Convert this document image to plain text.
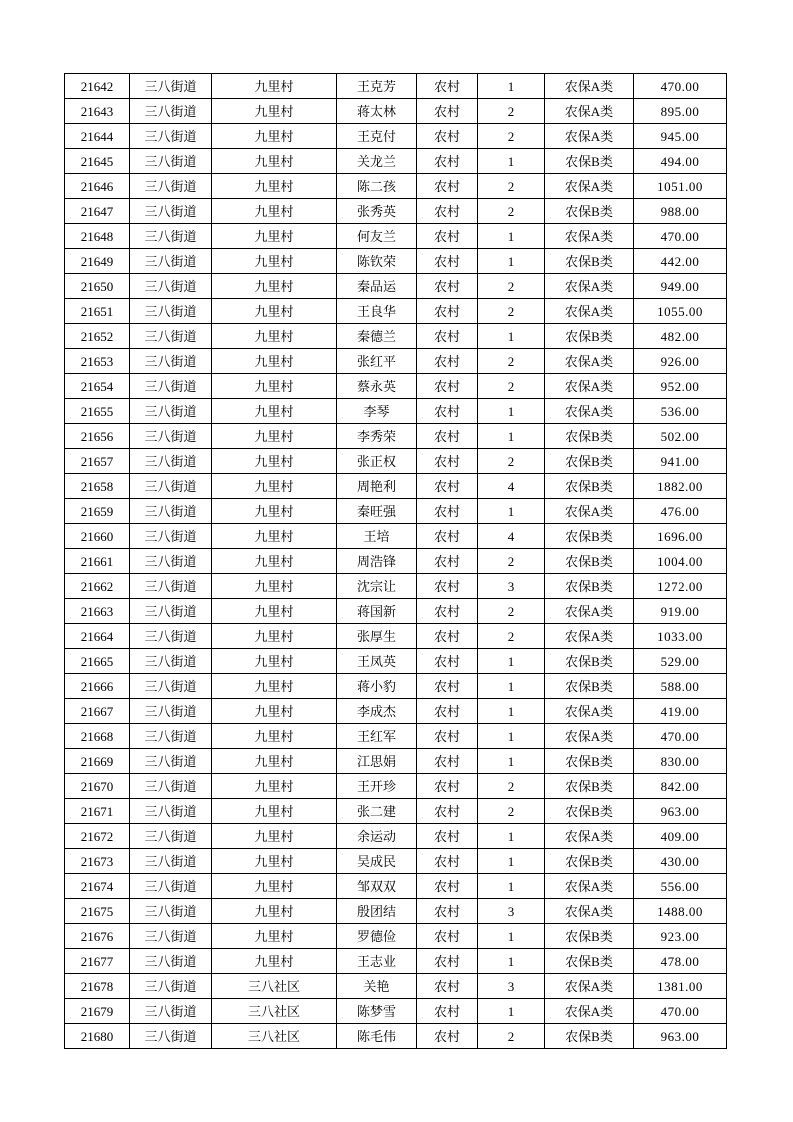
21642	三八街道	九里村	王克芳	农村	1	农保A类	470.00
21643	三八街道	九里村	蒋太林	农村	2	农保A类	895.00
21644	三八街道	九里村	王克付	农村	2	农保A类	945.00
21645	三八街道	九里村	关龙兰	农村	1	农保B类	494.00
21646	三八街道	九里村	陈二孩	农村	2	农保A类	1051.00
21647	三八街道	九里村	张秀英	农村	2	农保B类	988.00
21648	三八街道	九里村	何友兰	农村	1	农保A类	470.00
21649	三八街道	九里村	陈钦荣	农村	1	农保B类	442.00
21650	三八街道	九里村	秦品运	农村	2	农保A类	949.00
21651	三八街道	九里村	王良华	农村	2	农保A类	1055.00
21652	三八街道	九里村	秦德兰	农村	1	农保B类	482.00
21653	三八街道	九里村	张红平	农村	2	农保A类	926.00
21654	三八街道	九里村	蔡永英	农村	2	农保A类	952.00
21655	三八街道	九里村	李琴	农村	1	农保A类	536.00
21656	三八街道	九里村	李秀荣	农村	1	农保B类	502.00
21657	三八街道	九里村	张正权	农村	2	农保B类	941.00
21658	三八街道	九里村	周艳利	农村	4	农保B类	1882.00
21659	三八街道	九里村	秦旺强	农村	1	农保A类	476.00
21660	三八街道	九里村	王培	农村	4	农保B类	1696.00
21661	三八街道	九里村	周浩锋	农村	2	农保B类	1004.00
21662	三八街道	九里村	沈宗让	农村	3	农保B类	1272.00
21663	三八街道	九里村	蒋国新	农村	2	农保A类	919.00
21664	三八街道	九里村	张厚生	农村	2	农保A类	1033.00
21665	三八街道	九里村	王凤英	农村	1	农保B类	529.00
21666	三八街道	九里村	蒋小豹	农村	1	农保B类	588.00
21667	三八街道	九里村	李成杰	农村	1	农保A类	419.00
21668	三八街道	九里村	王红军	农村	1	农保A类	470.00
21669	三八街道	九里村	江思娟	农村	1	农保B类	830.00
21670	三八街道	九里村	王开珍	农村	2	农保B类	842.00
21671	三八街道	九里村	张二建	农村	2	农保B类	963.00
21672	三八街道	九里村	余运动	农村	1	农保A类	409.00
21673	三八街道	九里村	吴成民	农村	1	农保B类	430.00
21674	三八街道	九里村	邹双双	农村	1	农保A类	556.00
21675	三八街道	九里村	殷团结	农村	3	农保A类	1488.00
21676	三八街道	九里村	罗德俭	农村	1	农保B类	923.00
21677	三八街道	九里村	王志业	农村	1	农保B类	478.00
21678	三八街道	三八社区	关艳	农村	3	农保A类	1381.00
21679	三八街道	三八社区	陈梦雪	农村	1	农保A类	470.00
21680	三八街道	三八社区	陈毛伟	农村	2	农保B类	963.00
